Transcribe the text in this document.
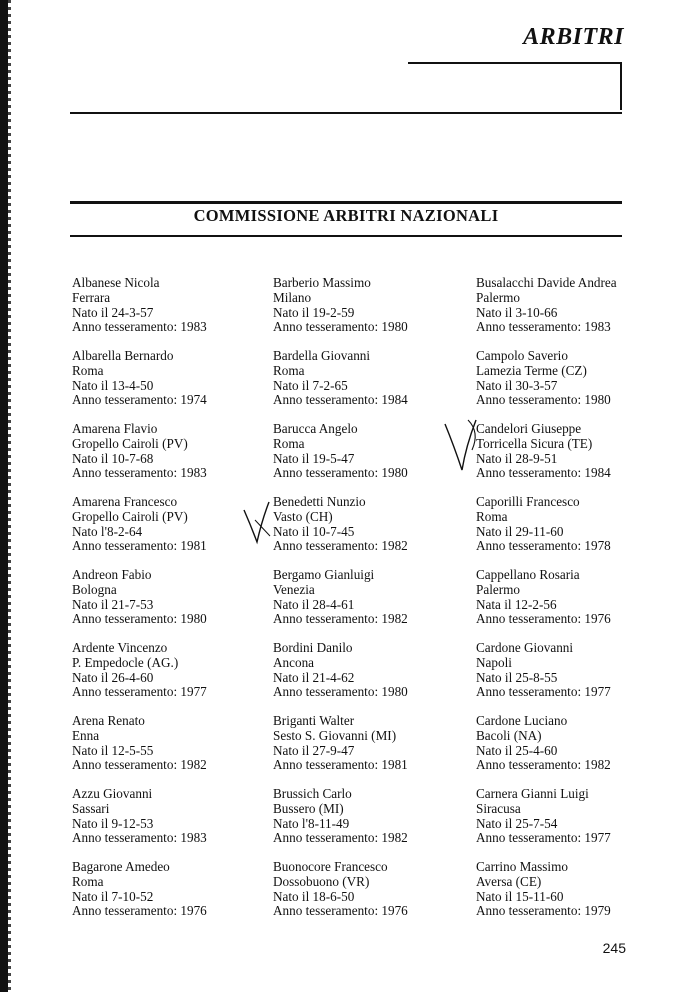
ARBITRI
COMMISSIONE ARBITRI NAZIONALI
Albanese Nicola
Ferrara
Nato il 24-3-57
Anno tesseramento: 1983
Albarella Bernardo
Roma
Nato il 13-4-50
Anno tesseramento: 1974
Amarena Flavio
Gropello Cairoli (PV)
Nato il 10-7-68
Anno tesseramento: 1983
Amarena Francesco
Gropello Cairoli (PV)
Nato l'8-2-64
Anno tesseramento: 1981
Andreon Fabio
Bologna
Nato il 21-7-53
Anno tesseramento: 1980
Ardente Vincenzo
P. Empedocle (AG.)
Nato il 26-4-60
Anno tesseramento: 1977
Arena Renato
Enna
Nato il 12-5-55
Anno tesseramento: 1982
Azzu Giovanni
Sassari
Nato il 9-12-53
Anno tesseramento: 1983
Bagarone Amedeo
Roma
Nato il 7-10-52
Anno tesseramento: 1976
Barberio Massimo
Milano
Nato il 19-2-59
Anno tesseramento: 1980
Bardella Giovanni
Roma
Nato il 7-2-65
Anno tesseramento: 1984
Barucca Angelo
Roma
Nato il 19-5-47
Anno tesseramento: 1980
Benedetti Nunzio
Vasto (CH)
Nato il 10-7-45
Anno tesseramento: 1982
Bergamo Gianluigi
Venezia
Nato il 28-4-61
Anno tesseramento: 1982
Bordini Danilo
Ancona
Nato il 21-4-62
Anno tesseramento: 1980
Briganti Walter
Sesto S. Giovanni (MI)
Nato il 27-9-47
Anno tesseramento: 1981
Brussich Carlo
Bussero (MI)
Nato l'8-11-49
Anno tesseramento: 1982
Buonocore Francesco
Dossobuono (VR)
Nato il 18-6-50
Anno tesseramento: 1976
Busalacchi Davide Andrea
Palermo
Nato il 3-10-66
Anno tesseramento: 1983
Campolo Saverio
Lamezia Terme (CZ)
Nato il 30-3-57
Anno tesseramento: 1980
Candelori Giuseppe
Torricella Sicura (TE)
Nato il 28-9-51
Anno tesseramento: 1984
Caporilli Francesco
Roma
Nato il 29-11-60
Anno tesseramento: 1978
Cappellano Rosaria
Palermo
Nata il 12-2-56
Anno tesseramento: 1976
Cardone Giovanni
Napoli
Nato il 25-8-55
Anno tesseramento: 1977
Cardone Luciano
Bacoli (NA)
Nato il 25-4-60
Anno tesseramento: 1982
Carnera Gianni Luigi
Siracusa
Nato il 25-7-54
Anno tesseramento: 1977
Carrino Massimo
Aversa (CE)
Nato il 15-11-60
Anno tesseramento: 1979
245
